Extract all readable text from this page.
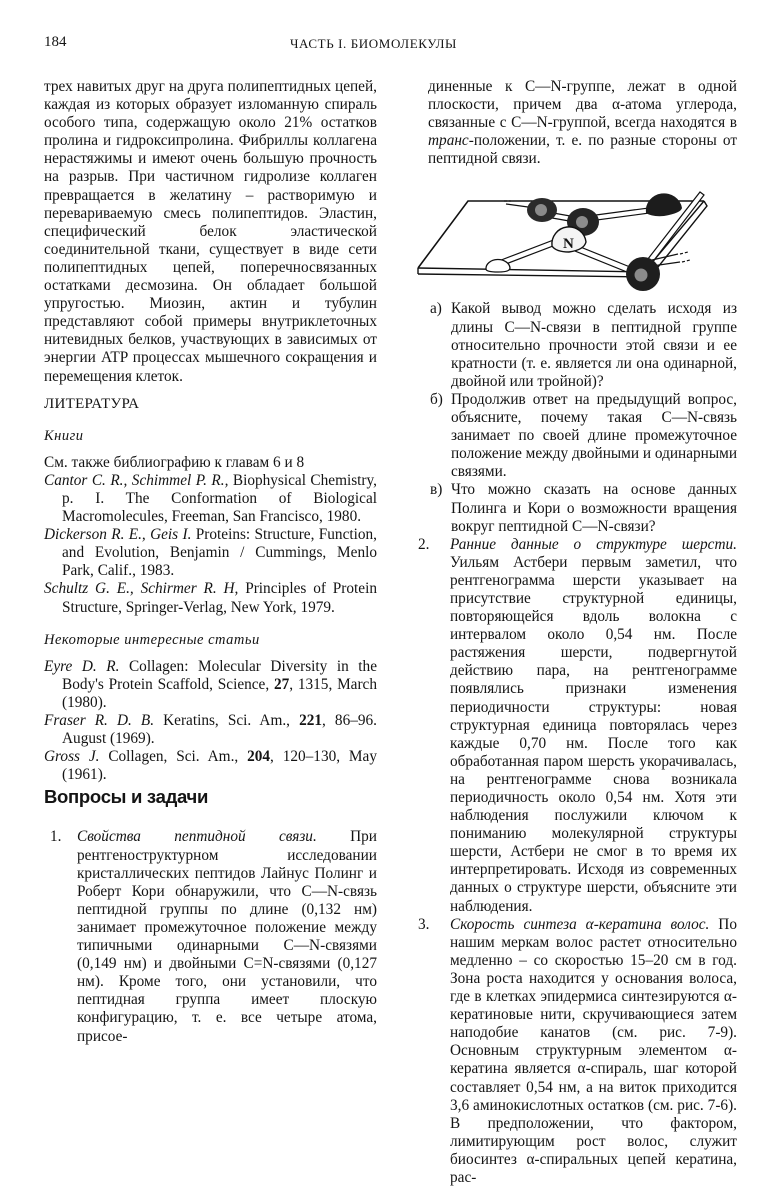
184	ЧАСТЬ I. БИОМОЛЕКУЛЫ

трех навитых друг на друга полипептидных цепей, каждая из которых образует изломанную спираль особого типа, содержащую около 21% остатков пролина и гидроксипролина. Фибриллы коллагена нерастяжимы и имеют очень большую прочность на разрыв. При частичном гидролизе коллаген превращается в желатину – растворимую и перевариваемую смесь полипептидов. Эластин, специфический белок эластической соединительной ткани, существует в виде сети полипептидных цепей, поперечносвязанных остатками десмозина. Он обладает большой упругостью. Миозин, актин и тубулин представляют собой примеры внутриклеточных нитевидных белков, участвующих в зависимых от энергии ATP процессах мышечного сокращения и перемещения клеток.

ЛИТЕРАТУРА
Книги
См. также библиографию к главам 6 и 8
Cantor C. R., Schimmel P. R., Biophysical Chemistry, p. I. The Conformation of Biological Macromolecules, Freeman, San Francisco, 1980.
Dickerson R. E., Geis I. Proteins: Structure, Function, and Evolution, Benjamin / Cummings, Menlo Park, Calif., 1983.
Schultz G. E., Schirmer R. H, Principles of Protein Structure, Springer-Verlag, New York, 1979.
Некоторые интересные статьи
Eyre D. R. Collagen: Molecular Diversity in the Body's Protein Scaffold, Science, 27, 1315, March (1980).
Fraser R. D. B. Keratins, Sci. Am., 221, 86–96. August (1969).
Gross J. Collagen, Sci. Am., 204, 120–130, May (1961).
Вопросы и задачи
1. Свойства пептидной связи. При рентгеноструктурном исследовании кристаллических пептидов Лайнус Полинг и Роберт Кори обнаружили, что C—N-связь пептидной группы по длине (0,132 нм) занимает промежуточное положение между типичными одинарными C—N-связями (0,149 нм) и двойными C=N-связями (0,127 нм). Кроме того, они установили, что пептидная группа имеет плоскую конфигурацию, т. е. все четыре атома, присое-

диненные к C—N-группе, лежат в одной плоскости, причем два α-атома углерода, связанные с C—N-группой, всегда находятся в транс-положении, т. е. по разные стороны от пептидной связи.

N
а) Какой вывод можно сделать исходя из длины C—N-связи в пептидной группе относительно прочности этой связи и ее кратности (т. е. является ли она одинарной, двойной или тройной)?
б) Продолжив ответ на предыдущий вопрос, объясните, почему такая C—N-связь занимает по своей длине промежуточное положение между двойными и одинарными связями.
в) Что можно сказать на основе данных Полинга и Кори о возможности вращения вокруг пептидной C—N-связи?
2. Ранние данные о структуре шерсти. Уильям Астбери первым заметил, что рентгенограмма шерсти указывает на присутствие структурной единицы, повторяющейся вдоль волокна с интервалом около 0,54 нм. После растяжения шерсти, подвергнутой действию пара, на рентгенограмме появлялись признаки изменения периодичности структуры: новая структурная единица повторялась через каждые 0,70 нм. После того как обработанная паром шерсть укорачивалась, на рентгенограмме снова возникала периодичность около 0,54 нм. Хотя эти наблюдения послужили ключом к пониманию молекулярной структуры шерсти, Астбери не смог в то время их интерпретировать. Исходя из современных данных о структуре шерсти, объясните эти наблюдения.
3. Скорость синтеза α-кератина волос. По нашим меркам волос растет относительно медленно – со скоростью 15–20 см в год. Зона роста находится у основания волоса, где в клетках эпидермиса синтезируются α-кератиновые нити, скручивающиеся затем наподобие канатов (см. рис. 7-9). Основным структурным элементом α-кератина является α-спираль, шаг которой составляет 0,54 нм, а на виток приходится 3,6 аминокислотных остатков (см. рис. 7-6). В предположении, что фактором, лимитирующим рост волос, служит биосинтез α-спиральных цепей кератина, рас-
